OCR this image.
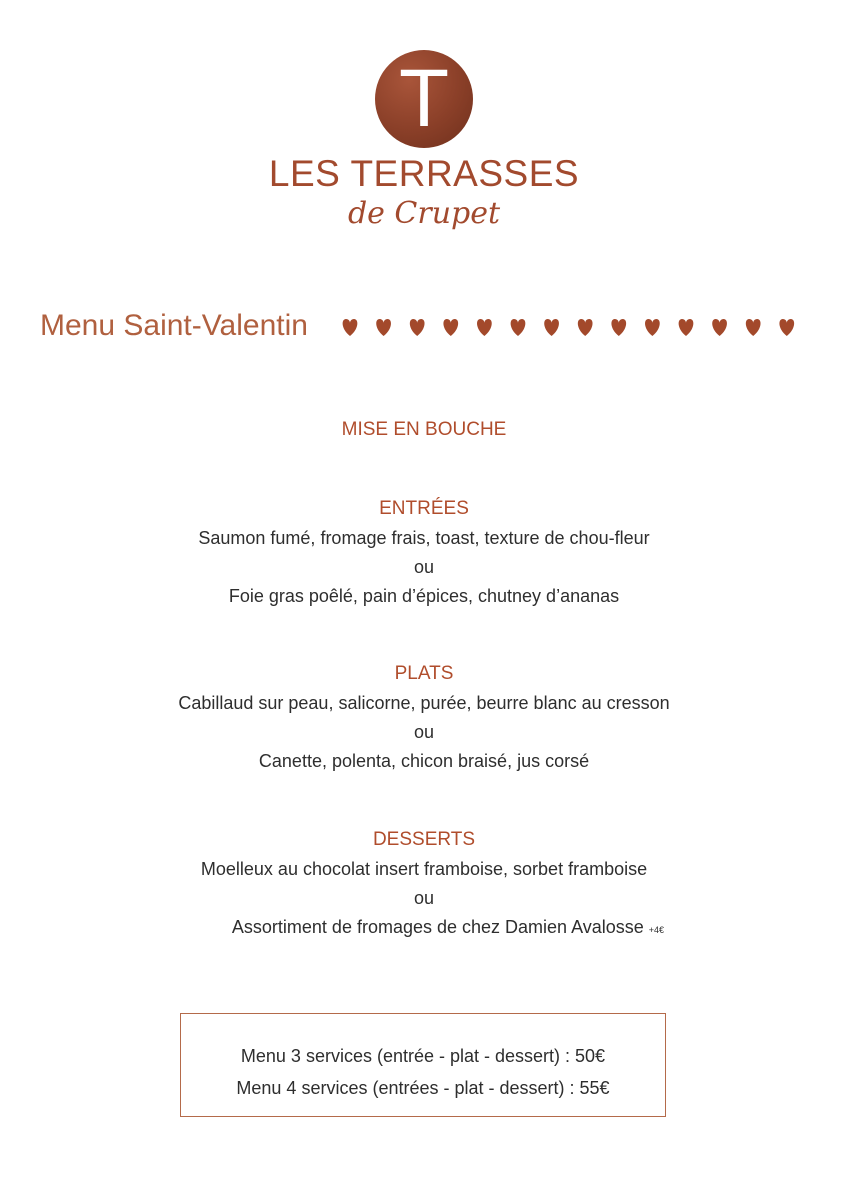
T
LES TERRASSES
de Crupet
Menu Saint-Valentin
MISE EN BOUCHE
ENTRÉES
Saumon fumé, fromage frais, toast, texture de chou-fleur
ou
Foie gras poêlé, pain d’épices, chutney d’ananas
PLATS
Cabillaud sur peau, salicorne, purée, beurre blanc au cresson
ou
Canette, polenta, chicon braisé, jus corsé
DESSERTS
Moelleux au chocolat insert framboise, sorbet framboise
ou
Assortiment de fromages de chez Damien Avalosse +4€
Menu 3 services (entrée - plat - dessert) : 50€
Menu 4 services (entrées - plat - dessert) : 55€
